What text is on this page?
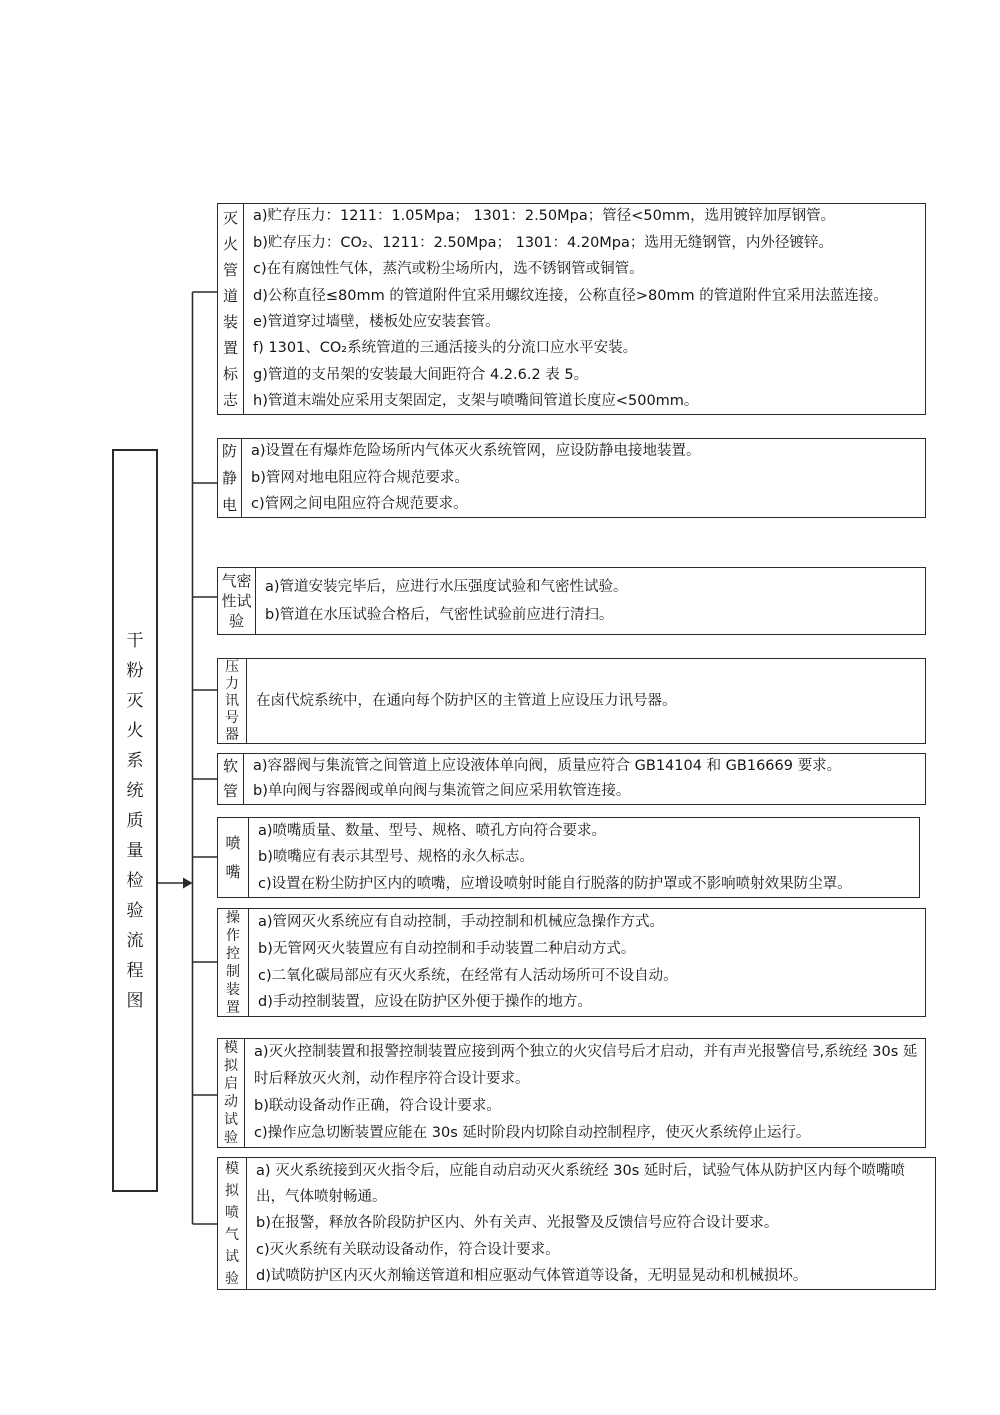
干粉灭火系统质量检验流程图
灭火管道装置标志
a)贮存压力：1211：1.05Mpa； 1301：2.50Mpa；管径<50mm，选用镀锌加厚钢管。
b)贮存压力：CO₂、1211：2.50Mpa； 1301：4.20Mpa；选用无缝钢管，内外径镀锌。
c)在有腐蚀性气体，蒸汽或粉尘场所内，选不锈钢管或铜管。
d)公称直径≤80mm 的管道附件宜采用螺纹连接，公称直径>80mm 的管道附件宜采用法蓝连接。
e)管道穿过墙壁，楼板处应安装套管。
f) 1301、CO₂系统管道的三通活接头的分流口应水平安装。
g)管道的支吊架的安装最大间距符合 4.2.6.2 表 5。
h)管道末端处应采用支架固定，支架与喷嘴间管道长度应<500mm。
防静电
a)设置在有爆炸危险场所内气体灭火系统管网，应设防静电接地装置。
b)管网对地电阻应符合规范要求。
c)管网之间电阻应符合规范要求。
气密性试验
a)管道安装完毕后，应进行水压强度试验和气密性试验。
b)管道在水压试验合格后，气密性试验前应进行清扫。
压力讯号器
在卤代烷系统中，在通向每个防护区的主管道上应设压力讯号器。
软管
a)容器阀与集流管之间管道上应设液体单向阀，质量应符合 GB14104 和 GB16669 要求。
b)单向阀与容器阀或单向阀与集流管之间应采用软管连接。
喷嘴
a)喷嘴质量、数量、型号、规格、喷孔方向符合要求。
b)喷嘴应有表示其型号、规格的永久标志。
c)设置在粉尘防护区内的喷嘴，应增设喷射时能自行脱落的防护罩或不影响喷射效果防尘罩。
操作控制装置
a)管网灭火系统应有自动控制，手动控制和机械应急操作方式。
b)无管网灭火装置应有自动控制和手动装置二种启动方式。
c)二氧化碳局部应有灭火系统，在经常有人活动场所可不设自动。
d)手动控制装置，应设在防护区外便于操作的地方。
模拟启动试验
a)灭火控制装置和报警控制装置应接到两个独立的火灾信号后才启动，并有声光报警信号,系统经 30s 延时后释放灭火剂，动作程序符合设计要求。
b)联动设备动作正确，符合设计要求。
c)操作应急切断装置应能在 30s 延时阶段内切除自动控制程序，使灭火系统停止运行。
模拟喷气试验
a) 灭火系统接到灭火指令后，应能自动启动灭火系统经 30s 延时后，试验气体从防护区内每个喷嘴喷出，气体喷射畅通。
b)在报警，释放各阶段防护区内、外有关声、光报警及反馈信号应符合设计要求。
c)灭火系统有关联动设备动作，符合设计要求。
d)试喷防护区内灭火剂输送管道和相应驱动气体管道等设备，无明显晃动和机械损坏。
